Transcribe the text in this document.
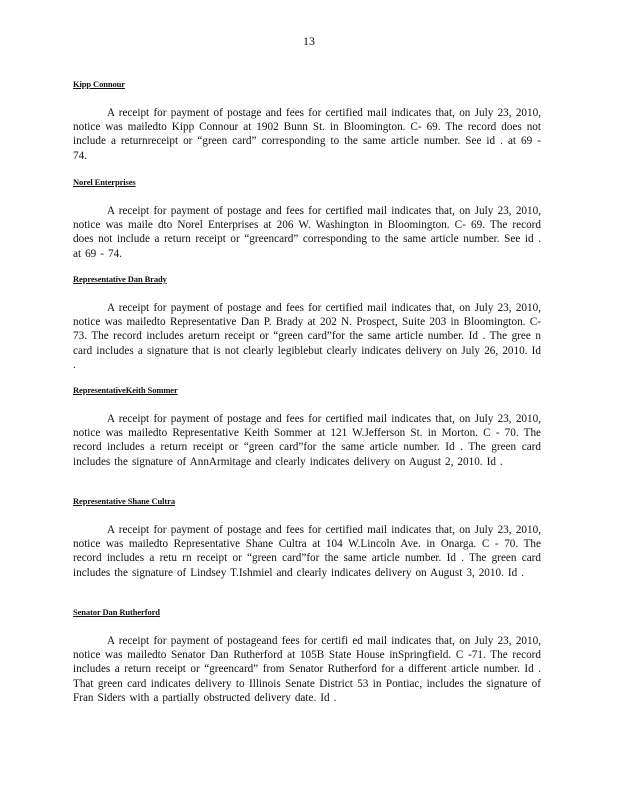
13
Kipp Connour

A receipt for payment of postage and fees for certified mail indicates that, on July 23, 2010, notice was mailedto Kipp Connour at 1902 Bunn St. in Bloomington. C- 69. The record does not include a returnreceipt or “green card” corresponding to the same article number. See id . at 69 - 74.

Norel Enterprises

A receipt for payment of postage and fees for certified mail indicates that, on July 23, 2010, notice was maile dto Norel Enterprises at 206 W. Washington in Bloomington. C- 69. The record does not include a return receipt or “greencard” corresponding to the same article number. See id . at 69 - 74.

Representative Dan Brady

A receipt for payment of postage and fees for certified mail indicates that, on July 23, 2010, notice was mailedto Representative Dan P. Brady at 202 N. Prospect, Suite 203 in Bloomington. C-73. The record includes areturn receipt or “green card”for the same article number. Id . The gree n card includes a signature that is not clearly legiblebut clearly indicates delivery on July 26, 2010. Id .

RepresentativeKeith Sommer

A receipt for payment of postage and fees for certified mail indicates that, on July 23, 2010, notice was mailedto Representative Keith Sommer at 121 W.Jefferson St. in Morton. C - 70. The record includes a return receipt or “green card”for the same article number. Id . The green card includes the signature of AnnArmitage and clearly indicates delivery on August 2, 2010. Id .

Representative Shane Cultra

A receipt for payment of postage and fees for certified mail indicates that, on July 23, 2010, notice was mailedto Representative Shane Cultra at 104 W.Lincoln Ave. in Onarga. C - 70. The record includes a retu rn receipt or “green card”for the same article number. Id . The green card includes the signature of Lindsey T.Ishmiel and clearly indicates delivery on August 3, 2010. Id .

Senator Dan Rutherford

A receipt for payment of postageand fees for certifi ed mail indicates that, on July 23, 2010, notice was mailedto Senator Dan Rutherford at 105B State House inSpringfield. C -71. The record includes a return receipt or “greencard” from Senator Rutherford for a different article number. Id . That green card indicates delivery to Illinois Senate District 53 in Pontiac, includes the signature of Fran Siders with a partially obstructed delivery date. Id .
